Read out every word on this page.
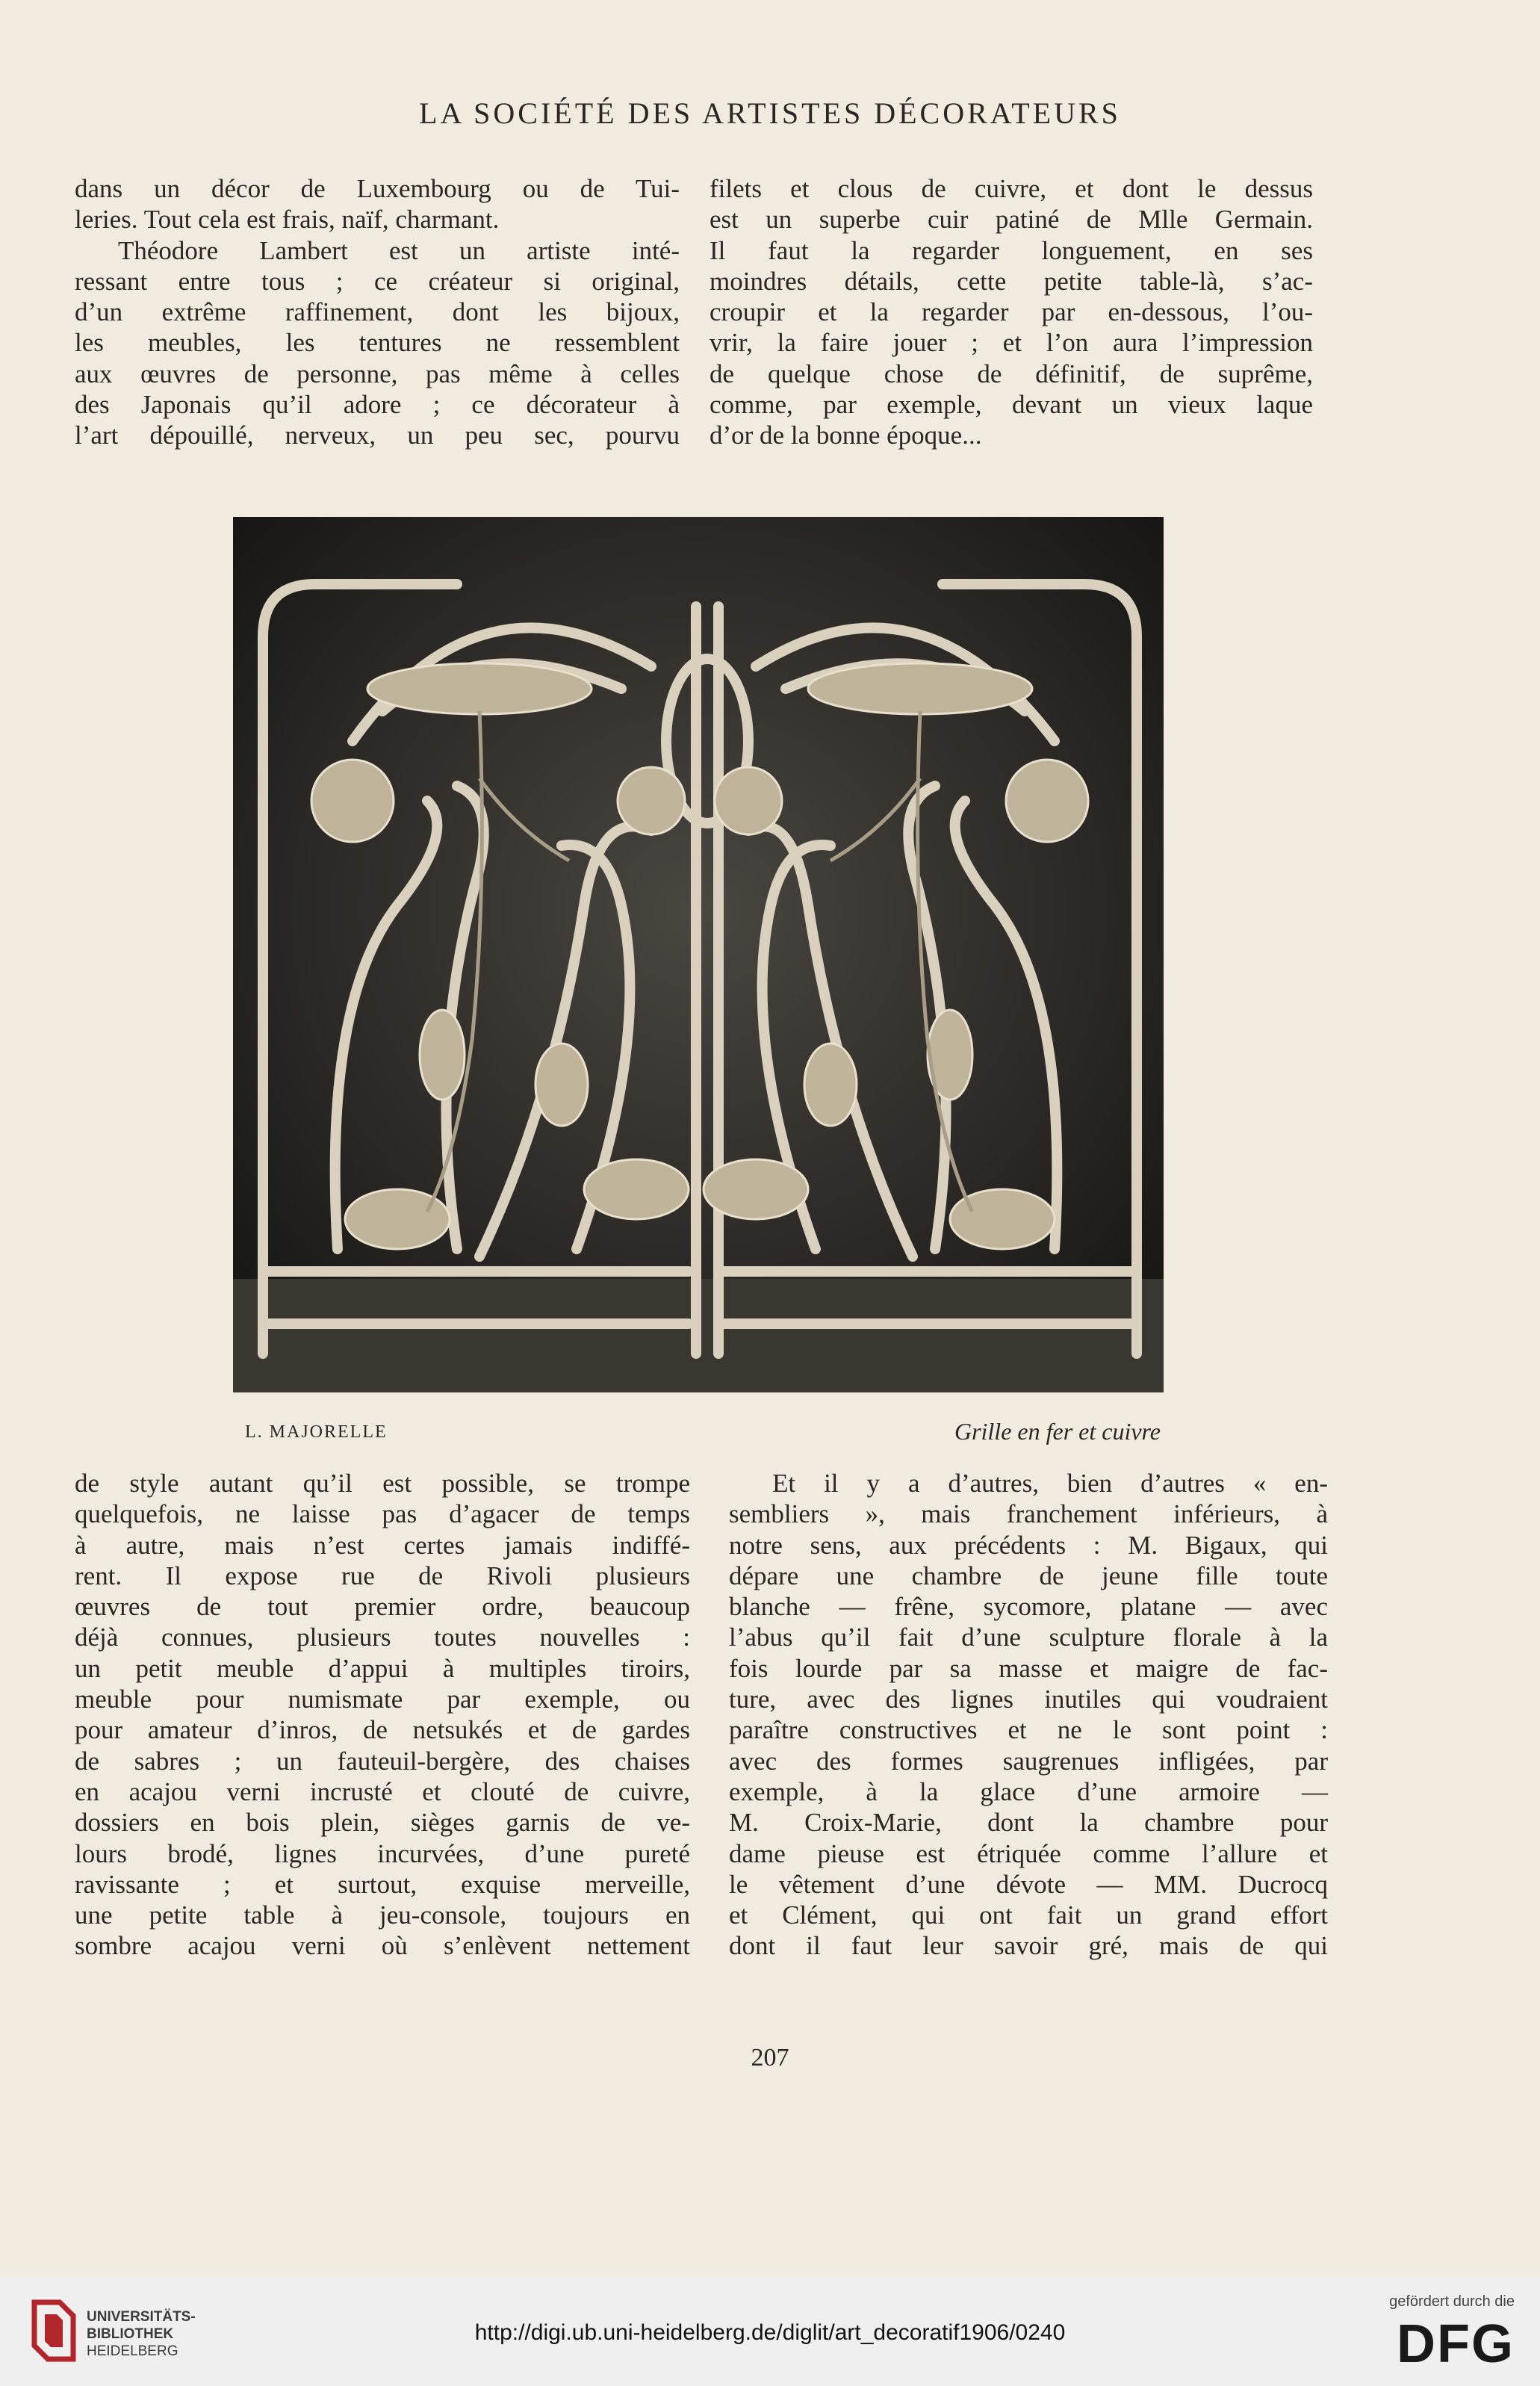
LA SOCIÉTÉ DES ARTISTES DÉCORATEURS
dans un décor de Luxembourg ou de Tui-
leries. Tout cela est frais, naïf, charmant.
Théodore Lambert est un artiste inté-
ressant entre tous ; ce créateur si original,
d’un extrême raffinement, dont les bijoux,
les meubles, les tentures ne ressemblent
aux œuvres de personne, pas même à celles
des Japonais qu’il adore ; ce décorateur à
l’art dépouillé, nerveux, un peu sec, pourvu
filets et clous de cuivre, et dont le dessus
est un superbe cuir patiné de Mlle Germain.
Il faut la regarder longuement, en ses
moindres détails, cette petite table-là, s’ac-
croupir et la regarder par en-dessous, l’ou-
vrir, la faire jouer ; et l’on aura l’impression
de quelque chose de définitif, de suprême,
comme, par exemple, devant un vieux laque
d’or de la bonne époque...
L. MAJORELLE	Grille en fer et cuivre
de style autant qu’il est possible, se trompe
quelquefois, ne laisse pas d’agacer de temps
à autre, mais n’est certes jamais indiffé-
rent. Il expose rue de Rivoli plusieurs
œuvres de tout premier ordre, beaucoup
déjà connues, plusieurs toutes nouvelles :
un petit meuble d’appui à multiples tiroirs,
meuble pour numismate par exemple, ou
pour amateur d’inros, de netsukés et de gardes
de sabres ; un fauteuil-bergère, des chaises
en acajou verni incrusté et clouté de cuivre,
dossiers en bois plein, sièges garnis de ve-
lours brodé, lignes incurvées, d’une pureté
ravissante ; et surtout, exquise merveille,
une petite table à jeu-console, toujours en
sombre acajou verni où s’enlèvent nettement
Et il y a d’autres, bien d’autres « en-
sembliers », mais franchement inférieurs, à
notre sens, aux précédents : M. Bigaux, qui
dépare une chambre de jeune fille toute
blanche — frêne, sycomore, platane — avec
l’abus qu’il fait d’une sculpture florale à la
fois lourde par sa masse et maigre de fac-
ture, avec des lignes inutiles qui voudraient
paraître constructives et ne le sont point :
avec des formes saugrenues infligées, par
exemple, à la glace d’une armoire —
M. Croix-Marie, dont la chambre pour
dame pieuse est étriquée comme l’allure et
le vêtement d’une dévote — MM. Ducrocq
et Clément, qui ont fait un grand effort
dont il faut leur savoir gré, mais de qui
207
UNIVERSITÄTS-
BIBLIOTHEK
HEIDELBERG
http://digi.ub.uni-heidelberg.de/diglit/art_decoratif1906/0240
gefördert durch die
DFG
